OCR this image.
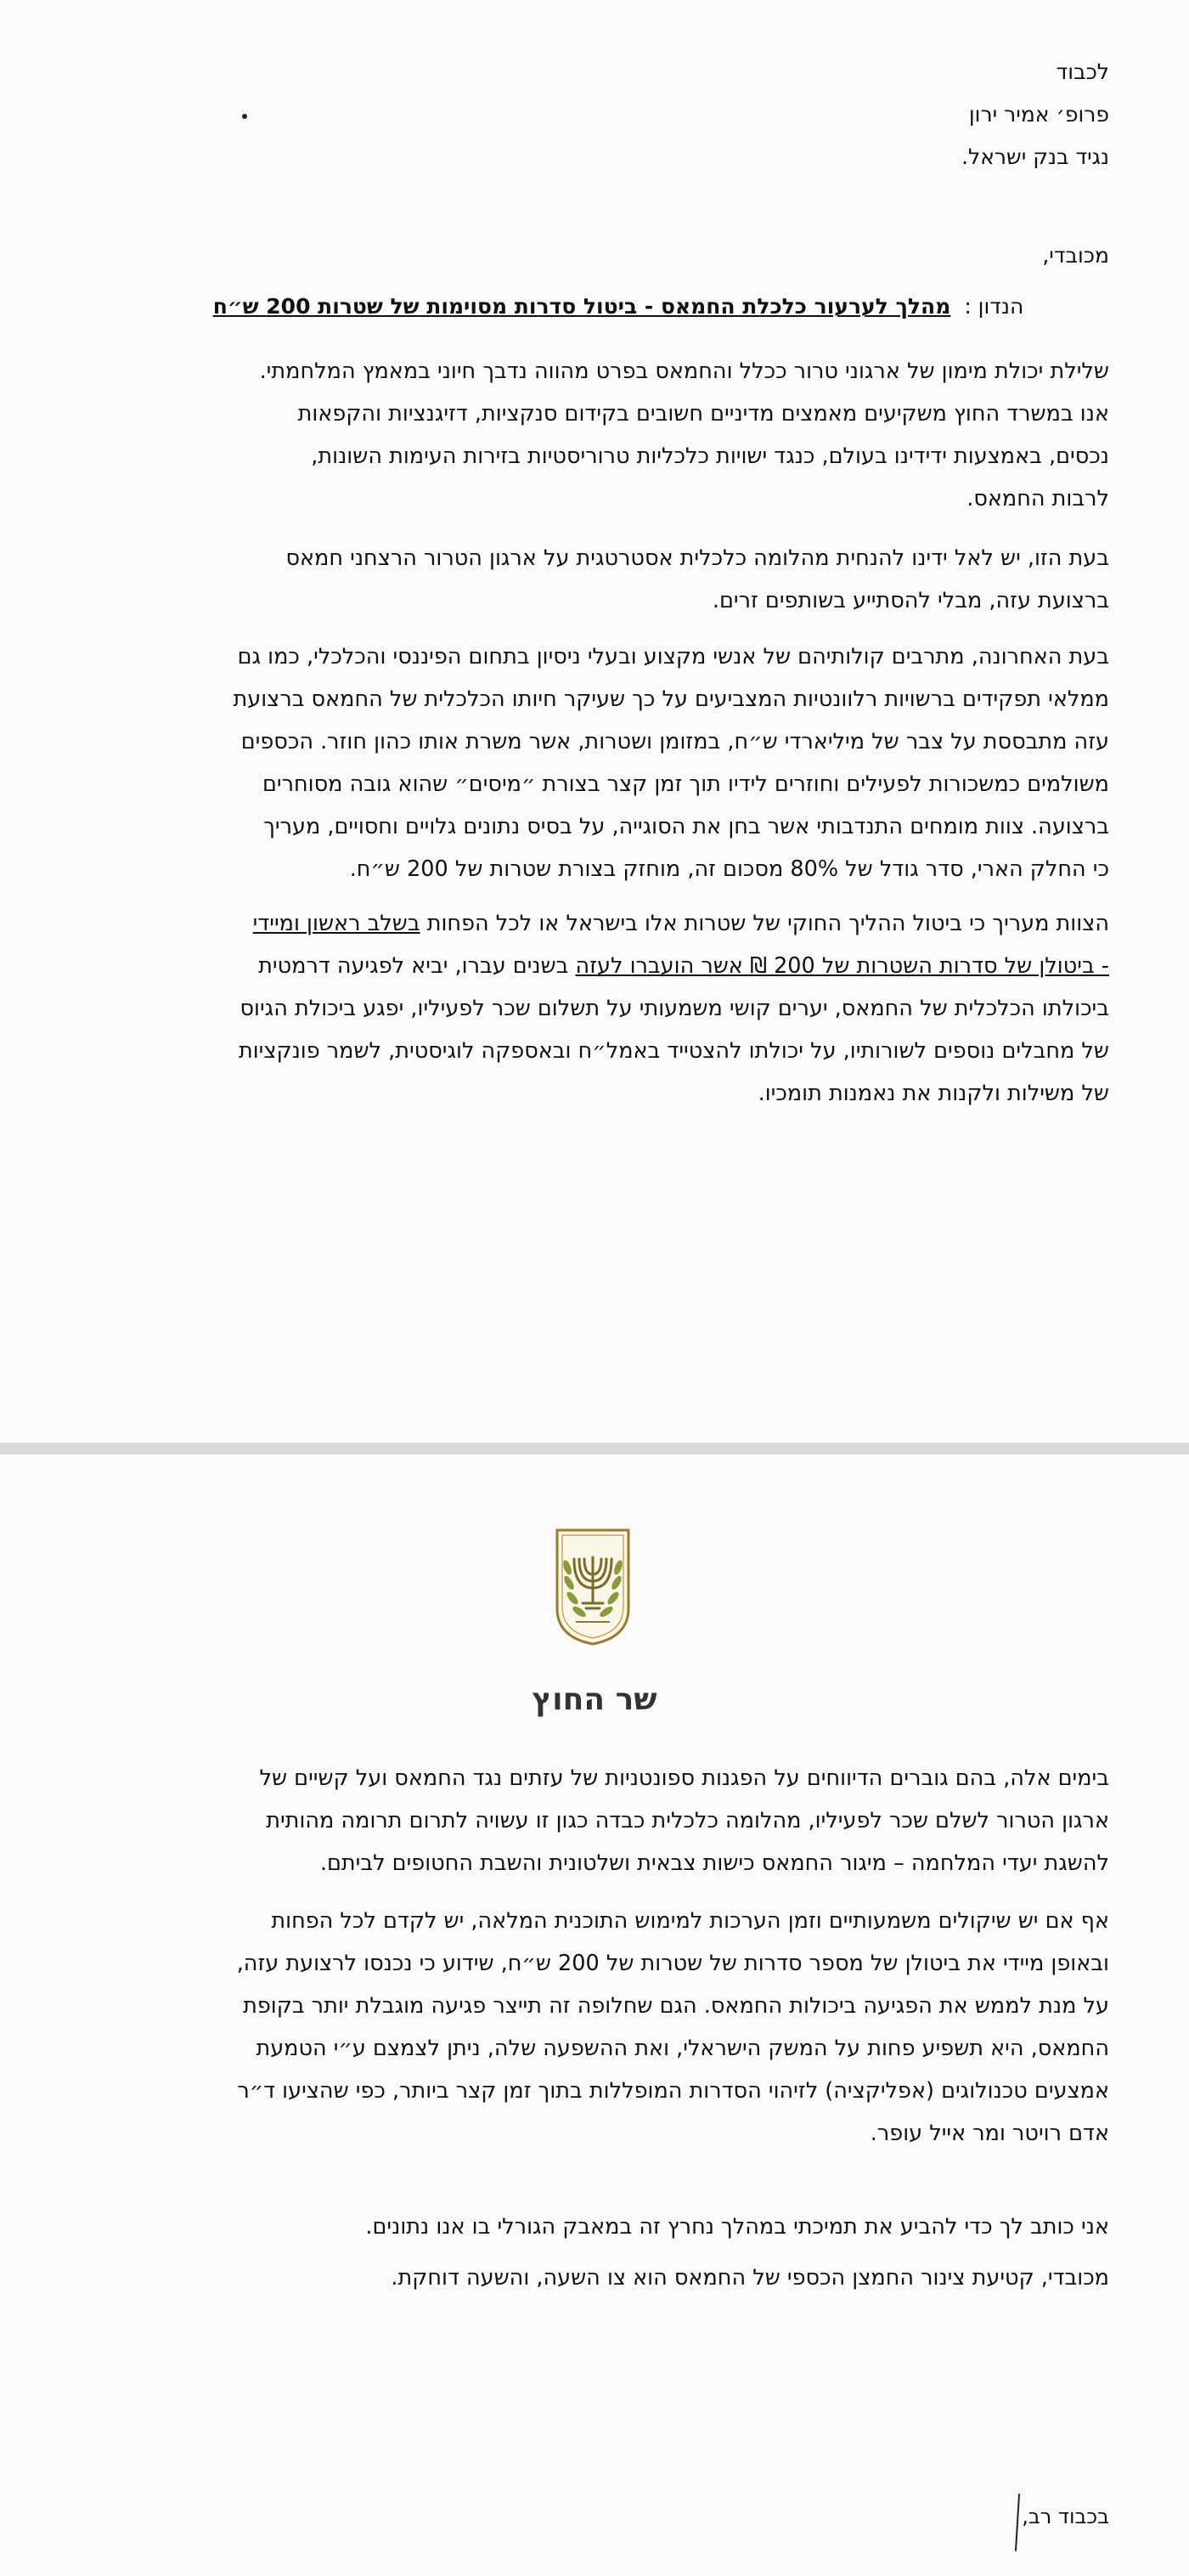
לכבוד
פרופ׳ אמיר ירון
נגיד בנק ישראל.
מכובדי,
הנדון :מהלך לערעור כלכלת החמאס - ביטול סדרות מסוימות של שטרות 200 ש״ח
שלילת יכולת מימון של ארגוני טרור ככלל והחמאס בפרט מהווה נדבך חיוני במאמץ המלחמתי.
אנו במשרד החוץ משקיעים מאמצים מדיניים חשובים בקידום סנקציות, דזיגנציות והקפאות
נכסים, באמצעות ידידינו בעולם, כנגד ישויות כלכליות טרוריסטיות בזירות העימות השונות,
לרבות החמאס.
בעת הזו, יש לאל ידינו להנחית מהלומה כלכלית אסטרטגית על ארגון הטרור הרצחני חמאס
ברצועת עזה, מבלי להסתייע בשותפים זרים.
בעת האחרונה, מתרבים קולותיהם של אנשי מקצוע ובעלי ניסיון בתחום הפיננסי והכלכלי, כמו גם
ממלאי תפקידים ברשויות רלוונטיות המצביעים על כך שעיקר חיותו הכלכלית של החמאס ברצועת
עזה מתבססת על צבר של מיליארדי ש״ח, במזומן ושטרות, אשר משרת אותו כהון חוזר. הכספים
משולמים כמשכורות לפעילים וחוזרים לידיו תוך זמן קצר בצורת ״מיסים״ שהוא גובה מסוחרים
ברצועה. צוות מומחים התנדבותי אשר בחן את הסוגייה, על בסיס נתונים גלויים וחסויים, מעריך
כי החלק הארי, סדר גודל של 80% מסכום זה, מוחזק בצורת שטרות של 200 ש״ח.
הצוות מעריך כי ביטול ההליך החוקי של שטרות אלו בישראל או לכל הפחות בשלב ראשון ומיידי
- ביטולן של סדרות השטרות של 200 ₪ אשר הועברו לעזה בשנים עברו, יביא לפגיעה דרמטית
ביכולתו הכלכלית של החמאס, יערים קושי משמעותי על תשלום שכר לפעיליו, יפגע ביכולת הגיוס
של מחבלים נוספים לשורותיו, על יכולתו להצטייד באמל״ח ובאספקה לוגיסטית, לשמר פונקציות
של משילות ולקנות את נאמנות תומכיו.
שר החוץ
בימים אלה, בהם גוברים הדיווחים על הפגנות ספונטניות של עזתים נגד החמאס ועל קשיים של
ארגון הטרור לשלם שכר לפעיליו, מהלומה כלכלית כבדה כגון זו עשויה לתרום תרומה מהותית
להשגת יעדי המלחמה – מיגור החמאס כישות צבאית ושלטונית והשבת החטופים לביתם.
אף אם יש שיקולים משמעותיים וזמן הערכות למימוש התוכנית המלאה, יש לקדם לכל הפחות
ובאופן מיידי את ביטולן של מספר סדרות של שטרות של 200 ש״ח, שידוע כי נכנסו לרצועת עזה,
על מנת לממש את הפגיעה ביכולות החמאס. הגם שחלופה זה תייצר פגיעה מוגבלת יותר בקופת
החמאס, היא תשפיע פחות על המשק הישראלי, ואת ההשפעה שלה, ניתן לצמצם ע״י הטמעת
אמצעים טכנולוגים (אפליקציה) לזיהוי הסדרות המופללות בתוך זמן קצר ביותר, כפי שהציעו ד״ר
אדם רויטר ומר אייל עופר.
אני כותב לך כדי להביע את תמיכתי במהלך נחרץ זה במאבק הגורלי בו אנו נתונים.
מכובדי, קטיעת צינור החמצן הכספי של החמאס הוא צו השעה, והשעה דוחקת.
בכבוד רב,
